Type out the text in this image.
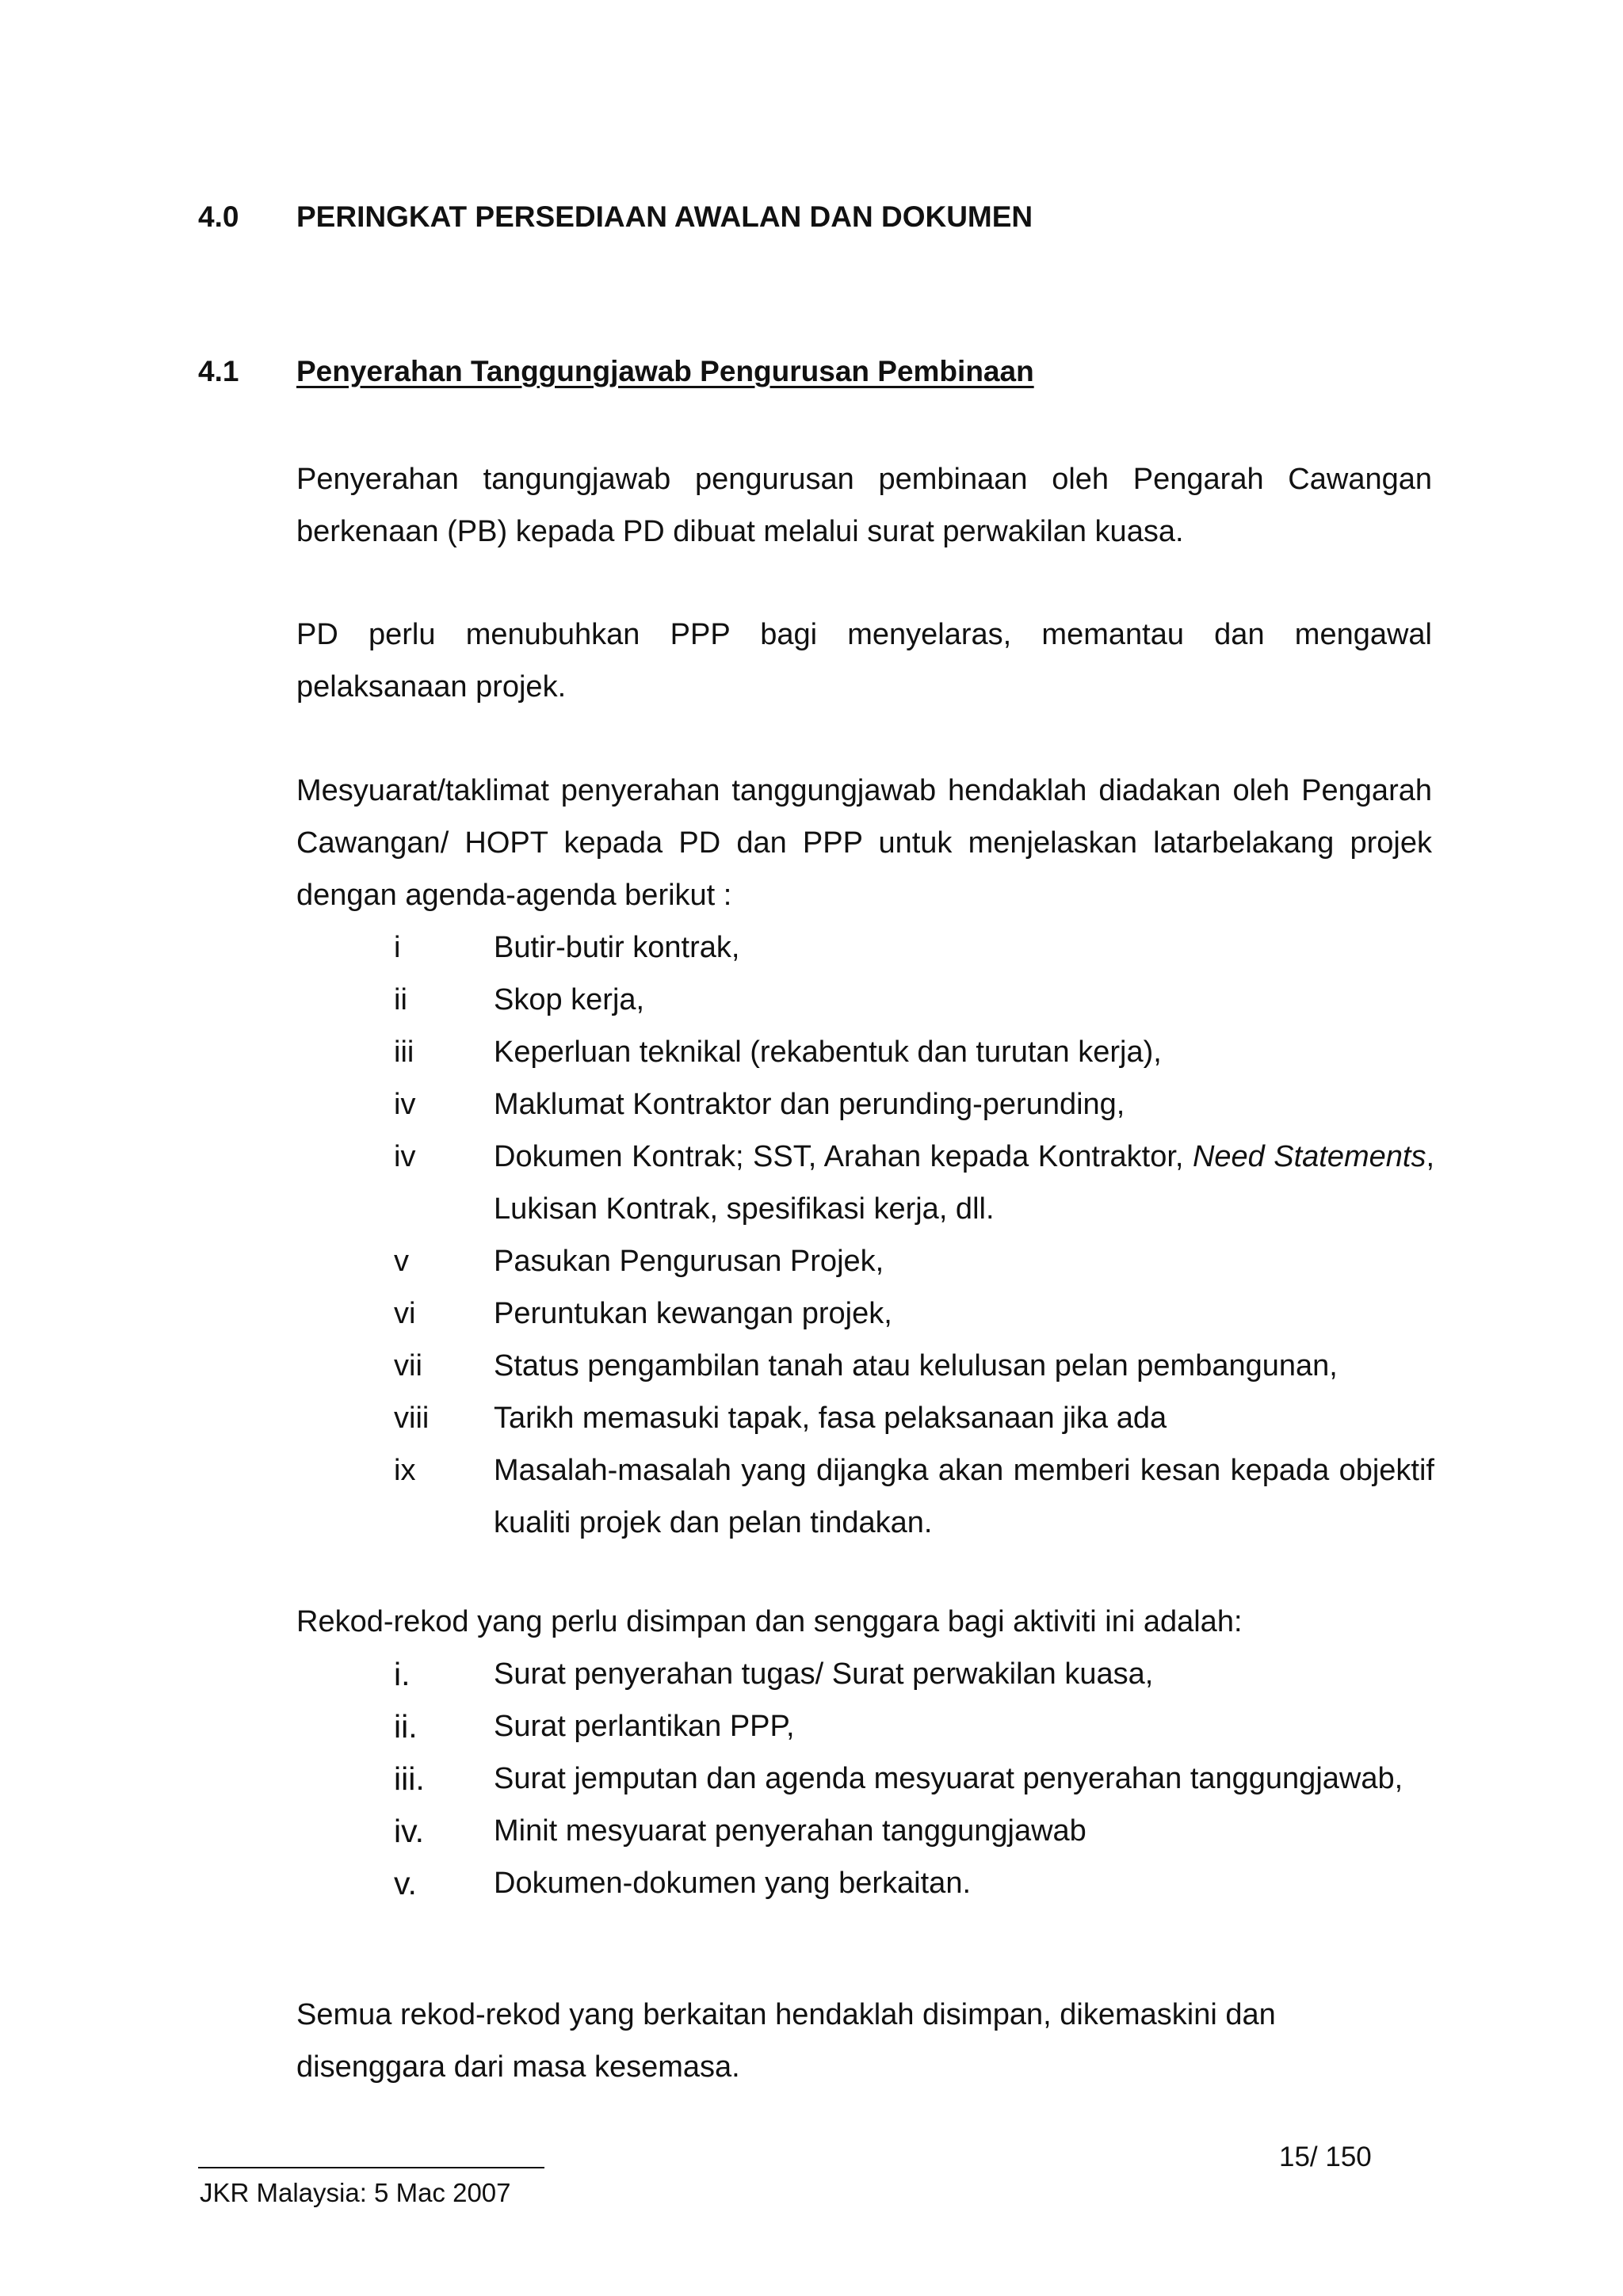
4.0 PERINGKAT PERSEDIAAN AWALAN DAN DOKUMEN
4.1 Penyerahan Tanggungjawab Pengurusan Pembinaan

Penyerahan tangungjawab pengurusan pembinaan oleh Pengarah Cawangan berkenaan (PB) kepada PD dibuat melalui surat perwakilan kuasa.

PD perlu menubuhkan PPP bagi menyelaras, memantau dan mengawal pelaksanaan projek.

Mesyuarat/taklimat penyerahan tanggungjawab hendaklah diadakan oleh Pengarah Cawangan/ HOPT kepada PD dan PPP untuk menjelaskan latarbelakang projek dengan agenda-agenda berikut :

i	Butir-butir kontrak,
ii	Skop kerja,
iii	Keperluan teknikal (rekabentuk dan turutan kerja),
iv	Maklumat Kontraktor dan perunding-perunding,
iv	Dokumen Kontrak; SST, Arahan kepada Kontraktor, Need Statements, Lukisan Kontrak, spesifikasi kerja, dll.
v	Pasukan Pengurusan Projek,
vi	Peruntukan kewangan projek,
vii Status pengambilan tanah atau kelulusan pelan pembangunan,
viii Tarikh memasuki tapak, fasa pelaksanaan jika ada
ix	Masalah-masalah yang dijangka akan memberi kesan kepada objektif kualiti projek dan pelan tindakan.

Rekod-rekod yang perlu disimpan dan senggara bagi aktiviti ini adalah:

i.	Surat penyerahan tugas/ Surat perwakilan kuasa,
ii.	Surat perlantikan PPP,
iii. Surat jemputan dan agenda mesyuarat penyerahan tanggungjawab,
iv. Minit mesyuarat penyerahan tanggungjawab
v.	Dokumen-dokumen yang berkaitan.

Semua rekod-rekod yang berkaitan hendaklah disimpan, dikemaskini dan disenggara dari masa kesemasa.

15/ 150
JKR Malaysia: 5 Mac 2007
